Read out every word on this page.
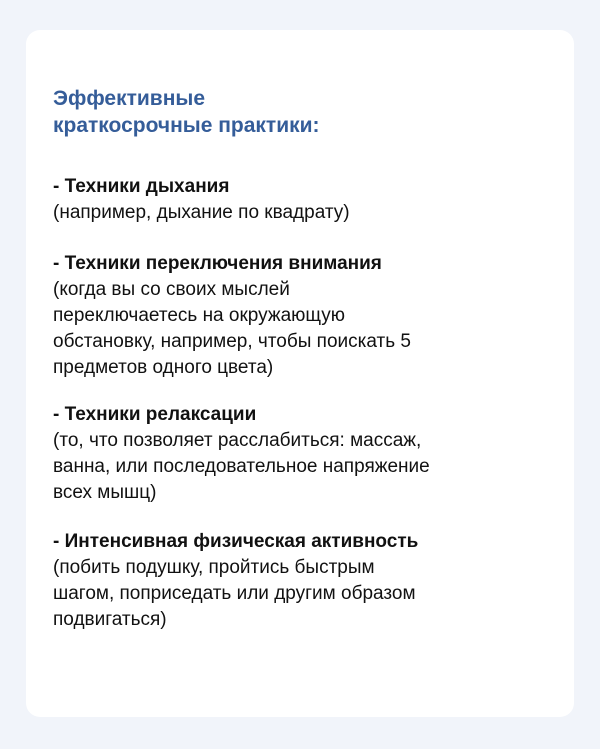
Эффективные
краткосрочные практики:
- Техники дыхания
(например, дыхание по квадрату)
- Техники переключения внимания
(когда вы со своих мыслей
переключаетесь на окружающую
обстановку, например, чтобы поискать 5
предметов одного цвета)
- Техники релаксации
(то, что позволяет расслабиться: массаж,
ванна, или последовательное напряжение
всех мышц)
- Интенсивная физическая активность
(побить подушку, пройтись быстрым
шагом, поприседать или другим образом
подвигаться)
